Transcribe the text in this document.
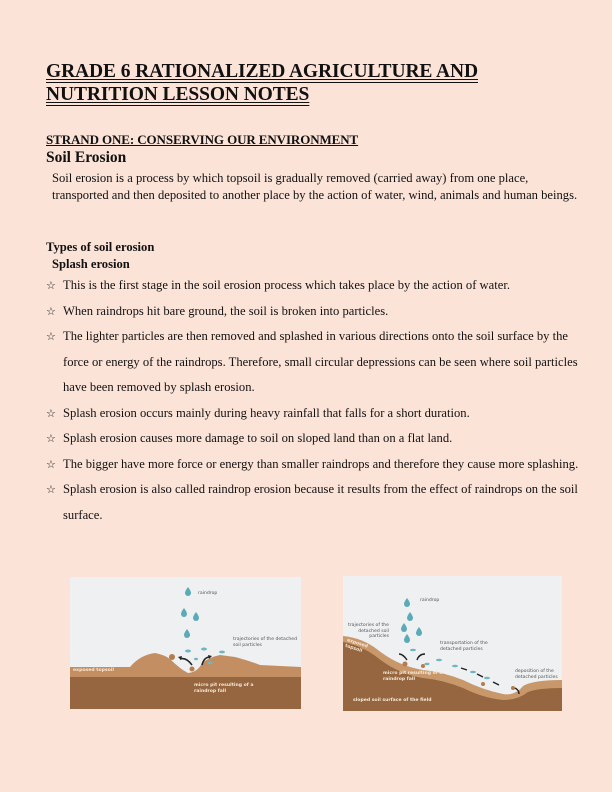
GRADE 6 RATIONALIZED AGRICULTURE AND NUTRITION LESSON NOTES
STRAND ONE: CONSERVING OUR ENVIRONMENT
Soil Erosion
Soil erosion is a process by which topsoil is gradually removed (carried away) from one place, transported and then deposited to another place by the action of water, wind, animals and human beings.
Types of soil erosion
Splash erosion
☆ This is the first stage in the soil erosion process which takes place by the action of water.
☆ When raindrops hit bare ground, the soil is broken into particles.
☆ The lighter particles are then removed and splashed in various directions onto the soil surface by the force or energy of the raindrops. Therefore, small circular depressions can be seen where soil particles have been removed by splash erosion.
☆ Splash erosion occurs mainly during heavy rainfall that falls for a short duration.
☆ Splash erosion causes more damage to soil on sloped land than on a flat land.
☆ The bigger have more force or energy than smaller raindrops and therefore they cause more splashing.
☆ Splash erosion is also called raindrop erosion because it results from the effect of raindrops on the soil surface.
raindrop
trajectories of the detached soil particles
exposed topsoil
micro pit resulting of a raindrop fall
raindrop
trajectories of the detached soil particles
exposed topsoil	transportation of the detached particles
micro pit resulting of a raindrop fall
deposition of the detached particles
sloped soil surface of the field
